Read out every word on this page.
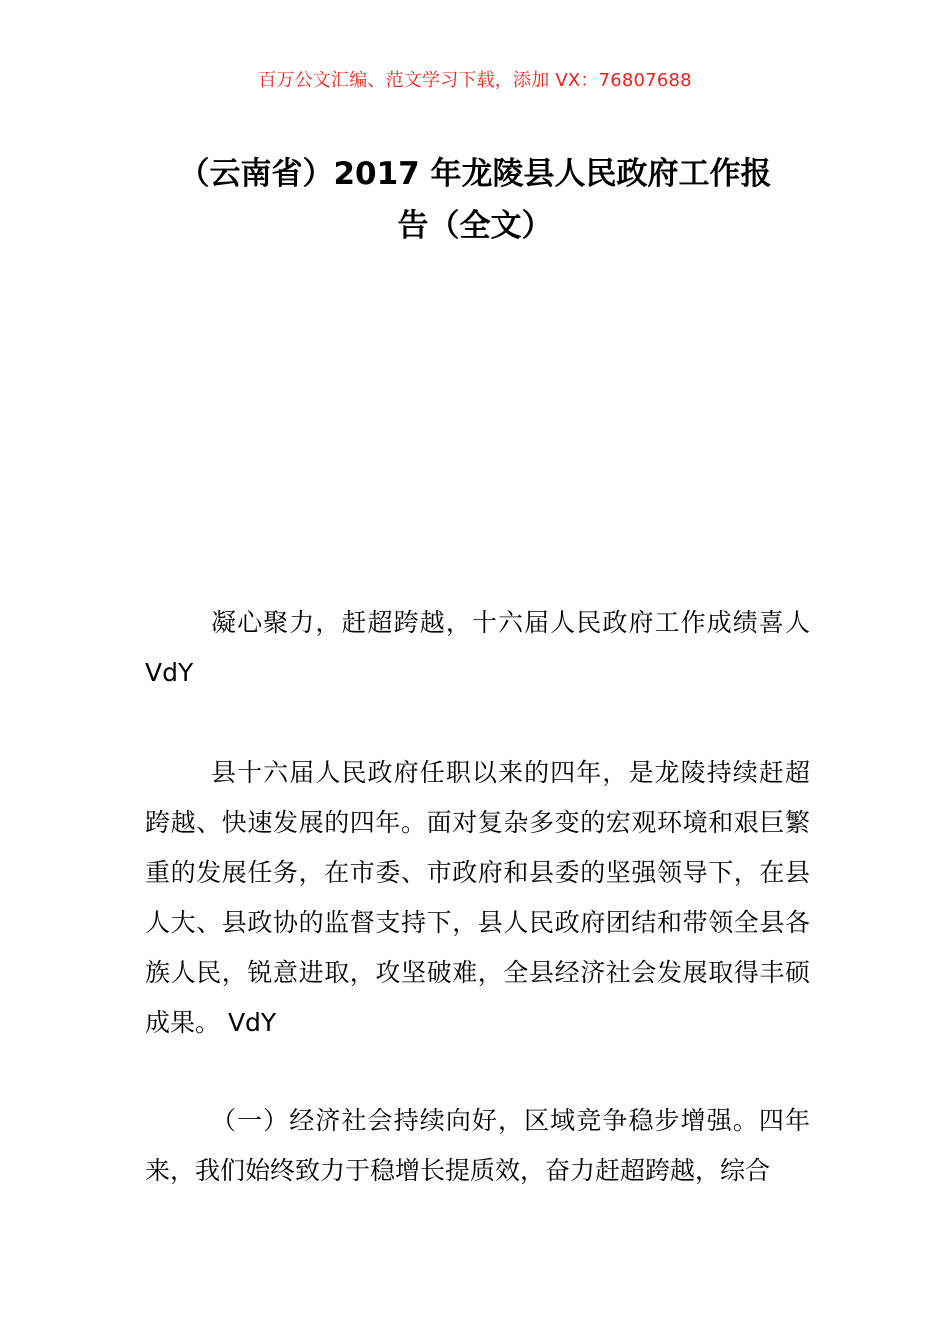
百万公文汇编、范文学习下载，添加 VX：76807688
（云南省）2017 年龙陵县人民政府工作报
告（全文）

凝心聚力，赶超跨越，十六届人民政府工作成绩喜人 VdY

县十六届人民政府任职以来的四年，是龙陵持续赶超跨越、快速发展的四年。面对复杂多变的宏观环境和艰巨繁重的发展任务，在市委、市政府和县委的坚强领导下，在县人大、县政协的监督支持下，县人民政府团结和带领全县各族人民，锐意进取，攻坚破难，全县经济社会发展取得丰硕成果。 VdY

（一）经济社会持续向好，区域竞争稳步增强。四年来，我们始终致力于稳增长提质效，奋力赶超跨越，综合
